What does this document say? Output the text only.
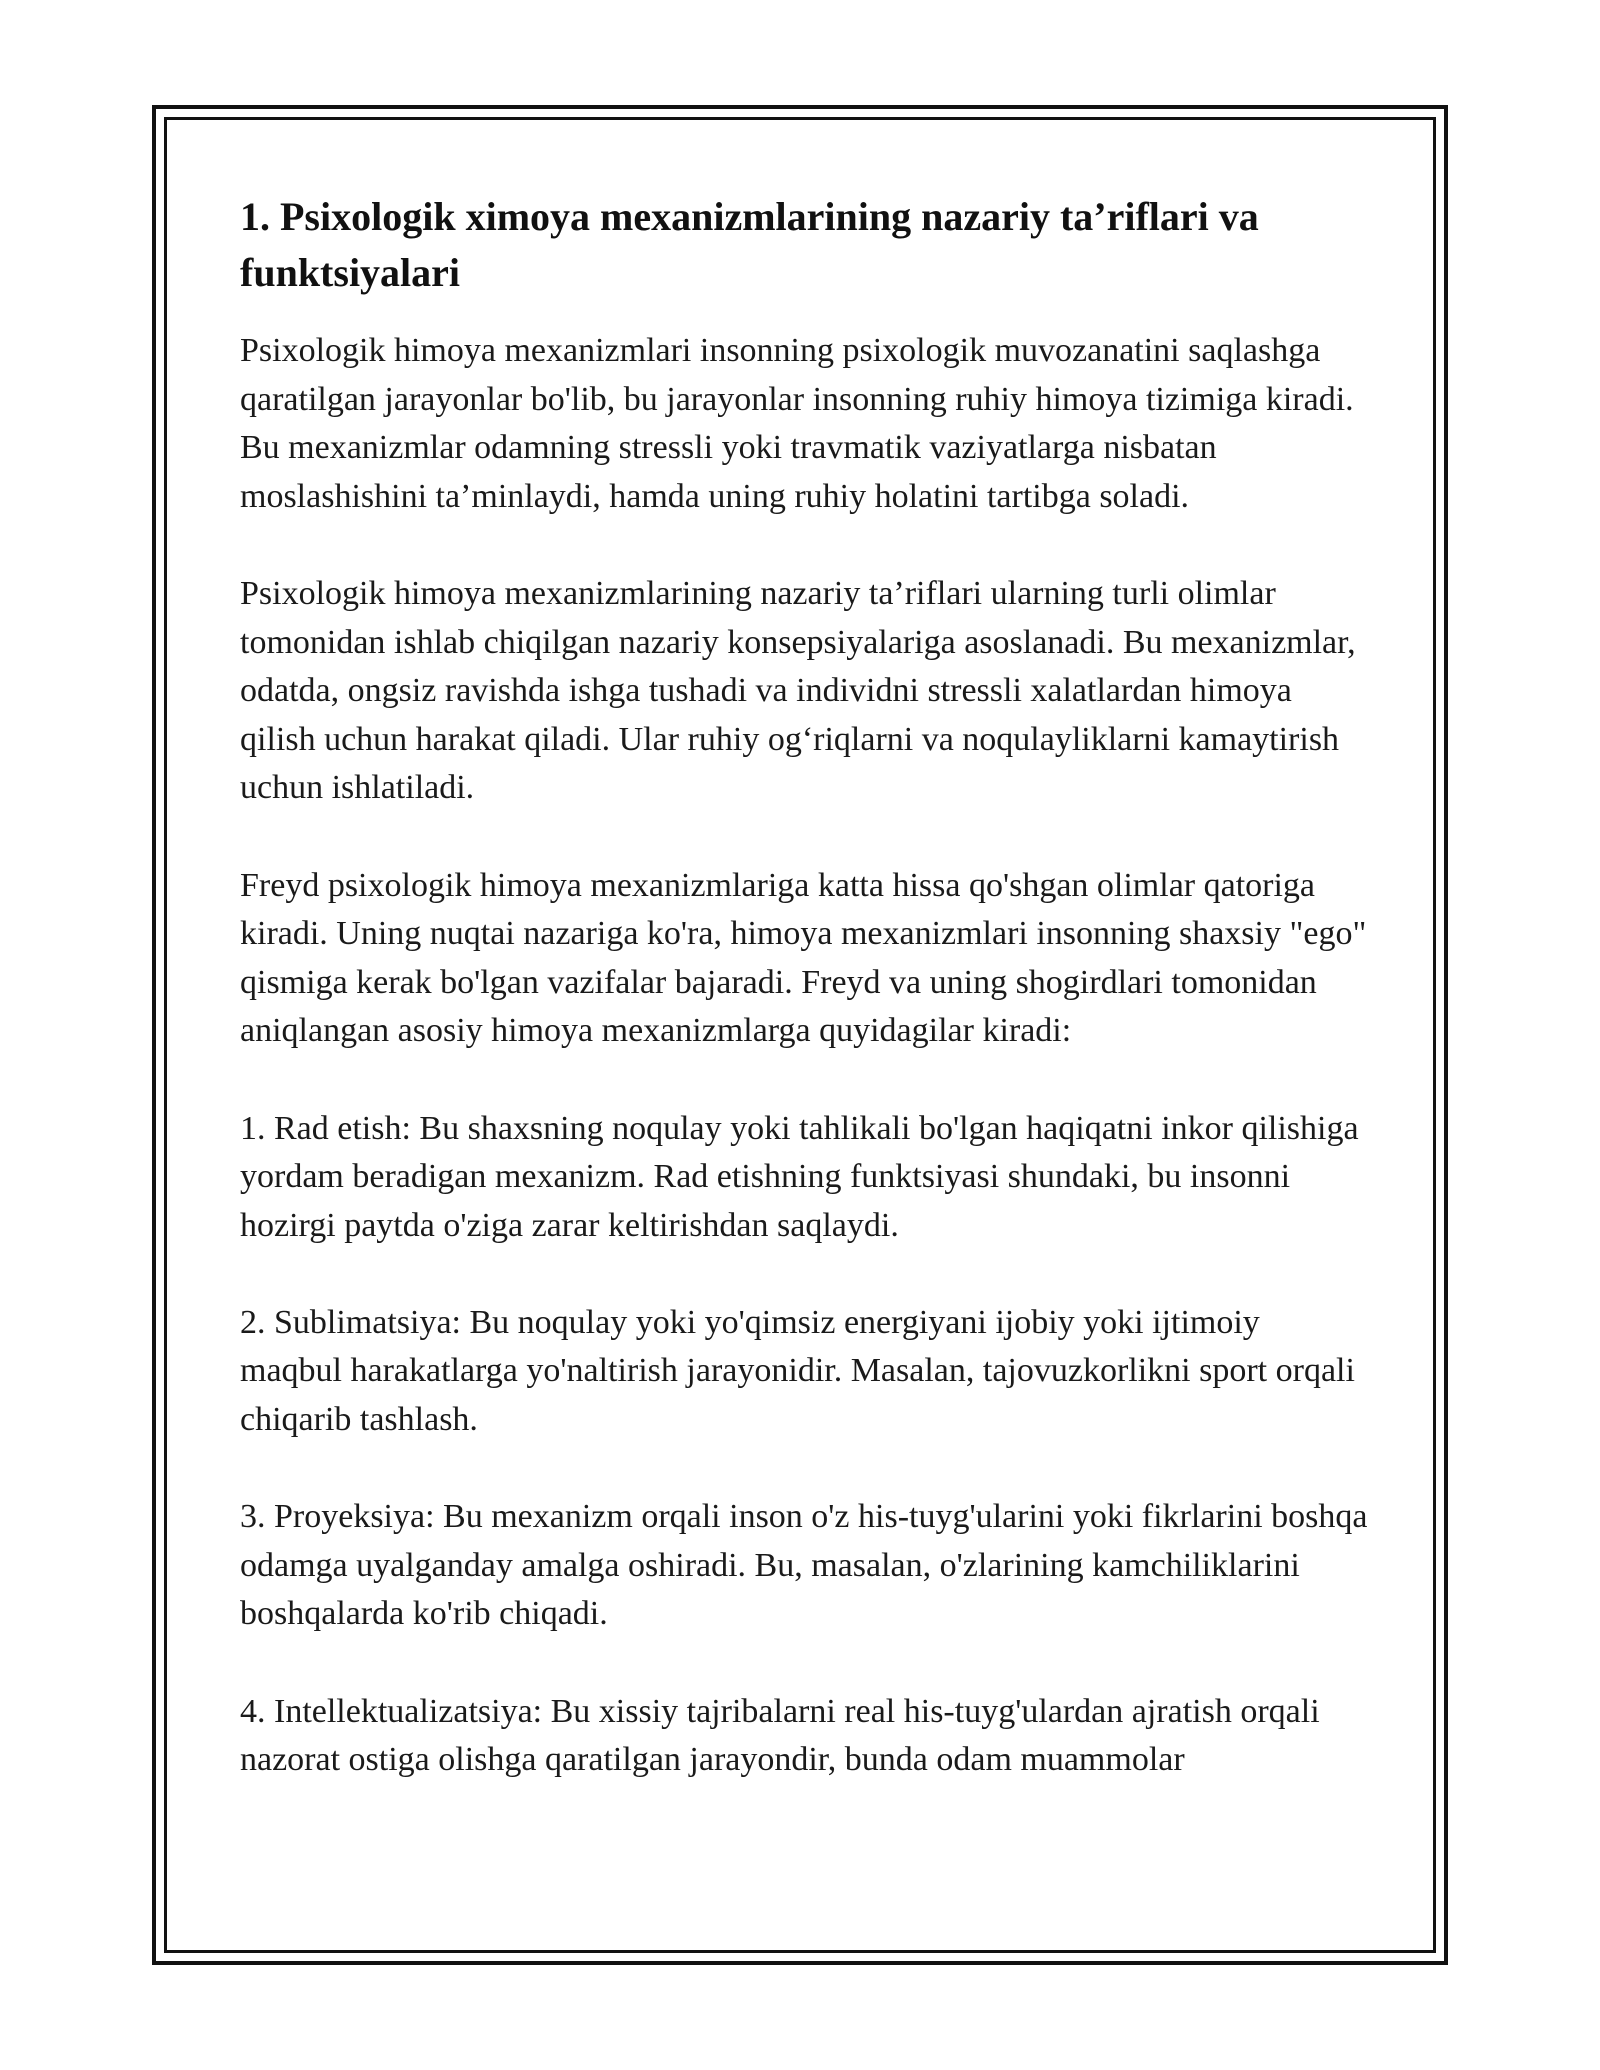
1. Psixologik ximoya mexanizmlarining nazariy ta’riflari va funktsiyalari

Psixologik himoya mexanizmlari insonning psixologik muvozanatini saqlashga qaratilgan jarayonlar bo'lib, bu jarayonlar insonning ruhiy himoya tizimiga kiradi. Bu mexanizmlar odamning stressli yoki travmatik vaziyatlarga nisbatan moslashishini ta’minlaydi, hamda uning ruhiy holatini tartibga soladi.

Psixologik himoya mexanizmlarining nazariy ta’riflari ularning turli olimlar tomonidan ishlab chiqilgan nazariy konsepsiyalariga asoslanadi. Bu mexanizmlar, odatda, ongsiz ravishda ishga tushadi va individni stressli xalatlardan himoya qilish uchun harakat qiladi. Ular ruhiy og‘riqlarni va noqulayliklarni kamaytirish uchun ishlatiladi.

Freyd psixologik himoya mexanizmlariga katta hissa qo'shgan olimlar qatoriga kiradi. Uning nuqtai nazariga ko'ra, himoya mexanizmlari insonning shaxsiy "ego" qismiga kerak bo'lgan vazifalar bajaradi. Freyd va uning shogirdlari tomonidan aniqlangan asosiy himoya mexanizmlarga quyidagilar kiradi:

1. Rad etish: Bu shaxsning noqulay yoki tahlikali bo'lgan haqiqatni inkor qilishiga yordam beradigan mexanizm. Rad etishning funktsiyasi shundaki, bu insonni hozirgi paytda o'ziga zarar keltirishdan saqlaydi.

2. Sublimatsiya: Bu noqulay yoki yo'qimsiz energiyani ijobiy yoki ijtimoiy maqbul harakatlarga yo'naltirish jarayonidir. Masalan, tajovuzkorlikni sport orqali chiqarib tashlash.

3. Proyeksiya: Bu mexanizm orqali inson o'z his-tuyg'ularini yoki fikrlarini boshqa odamga uyalganday amalga oshiradi. Bu, masalan, o'zlarining kamchiliklarini boshqalarda ko'rib chiqadi.

4. Intellektualizatsiya: Bu xissiy tajribalarni real his-tuyg'ulardan ajratish orqali nazorat ostiga olishga qaratilgan jarayondir, bunda odam muammolar
